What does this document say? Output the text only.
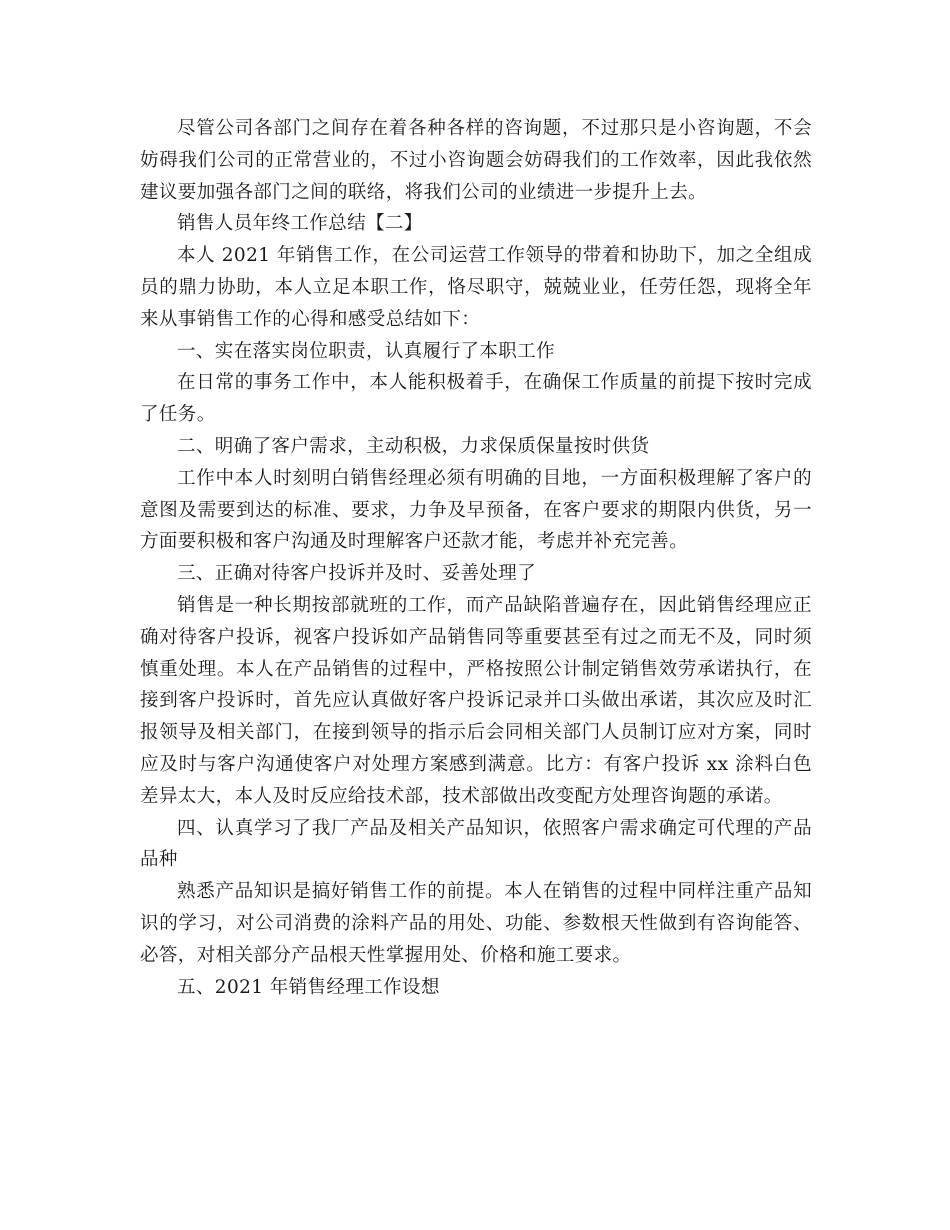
尽管公司各部门之间存在着各种各样的咨询题，不过那只是小咨询题，不会妨碍我们公司的正常营业的，不过小咨询题会妨碍我们的工作效率，因此我依然建议要加强各部门之间的联络，将我们公司的业绩进一步提升上去。

销售人员年终工作总结【二】

本人 2021 年销售工作，在公司运营工作领导的带着和协助下，加之全组成员的鼎力协助，本人立足本职工作，恪尽职守，兢兢业业，任劳任怨，现将全年来从事销售工作的心得和感受总结如下：

一、实在落实岗位职责，认真履行了本职工作

在日常的事务工作中，本人能积极着手，在确保工作质量的前提下按时完成了任务。

二、明确了客户需求，主动积极，力求保质保量按时供货

工作中本人时刻明白销售经理必须有明确的目地，一方面积极理解了客户的意图及需要到达的标准、要求，力争及早预备，在客户要求的期限内供货，另一方面要积极和客户沟通及时理解客户还款才能，考虑并补充完善。

三、正确对待客户投诉并及时、妥善处理了

销售是一种长期按部就班的工作，而产品缺陷普遍存在，因此销售经理应正确对待客户投诉，视客户投诉如产品销售同等重要甚至有过之而无不及，同时须慎重处理。本人在产品销售的过程中，严格按照公计制定销售效劳承诺执行，在接到客户投诉时，首先应认真做好客户投诉记录并口头做出承诺，其次应及时汇报领导及相关部门，在接到领导的指示后会同相关部门人员制订应对方案，同时应及时与客户沟通使客户对处理方案感到满意。比方：有客户投诉 xx 涂料白色差异太大，本人及时反应给技术部，技术部做出改变配方处理咨询题的承诺。

四、认真学习了我厂产品及相关产品知识，依照客户需求确定可代理的产品品种

熟悉产品知识是搞好销售工作的前提。本人在销售的过程中同样注重产品知识的学习，对公司消费的涂料产品的用处、功能、参数根天性做到有咨询能答、必答，对相关部分产品根天性掌握用处、价格和施工要求。

五、2021 年销售经理工作设想
